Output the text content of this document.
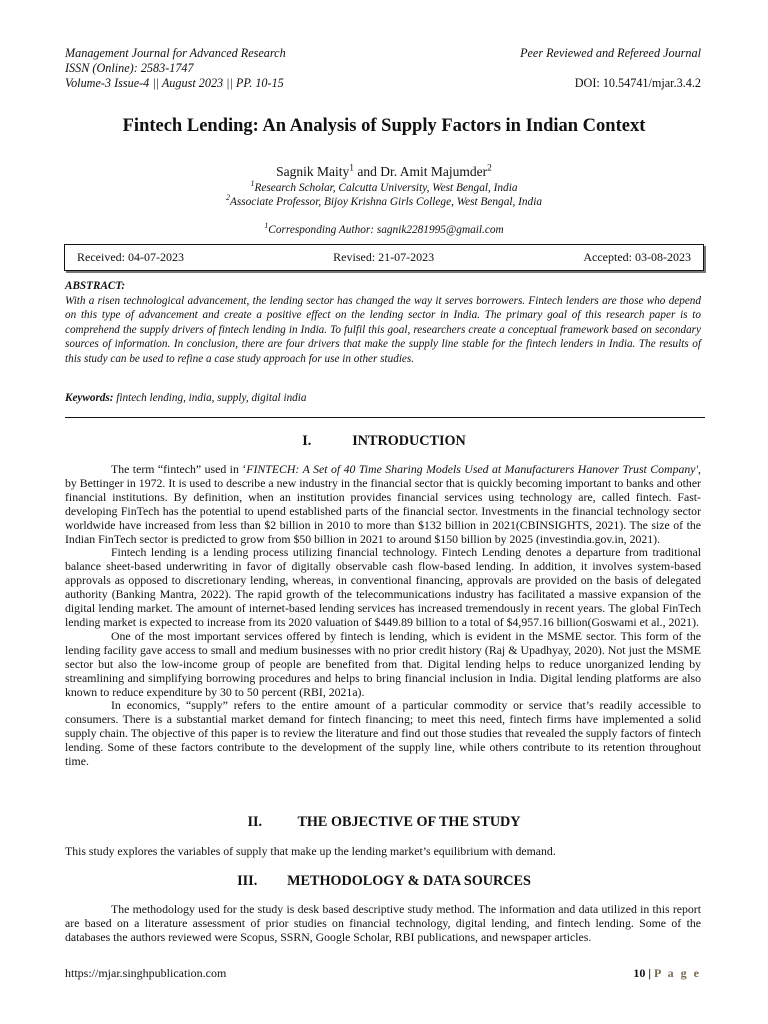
Management Journal for Advanced Research	Peer Reviewed and Refereed Journal
ISSN (Online): 2583-1747
Volume-3 Issue-4 || August 2023 || PP. 10-15	DOI: 10.54741/mjar.3.4.2
Fintech Lending: An Analysis of Supply Factors in Indian Context
Sagnik Maity$^1$ and Dr. Amit Majumder$^2$
$^1$Research Scholar, Calcutta University, West Bengal, India
$^2$Associate Professor, Bijoy Krishna Girls College, West Bengal, India
$^1$Corresponding Author: sagnik2281995@gmail.com
Received: 04-07-2023	Revised: 21-07-2023	Accepted: 03-08-2023
ABSTRACT:
With a risen technological advancement, the lending sector has changed the way it serves borrowers. Fintech lenders are those who depend on this type of advancement and create a positive effect on the lending sector in India. The primary goal of this research paper is to comprehend the supply drivers of fintech lending in India. To fulfil this goal, researchers create a conceptual framework based on secondary sources of information. In conclusion, there are four drivers that make the supply line stable for the fintech lenders in India. The results of this study can be used to refine a case study approach for use in other studies.
Keywords: fintech lending, india, supply, digital india
I.	INTRODUCTION

The term “fintech” used in ‘FINTECH: A Set of 40 Time Sharing Models Used at Manufacturers Hanover Trust Company', by Bettinger in 1972. It is used to describe a new industry in the financial sector that is quickly becoming important to banks and other financial institutions. By definition, when an institution provides financial services using technology are, called fintech. Fast-developing FinTech has the potential to upend established parts of the financial sector. Investments in the financial technology sector worldwide have increased from less than $2 billion in 2010 to more than $132 billion in 2021(CBINSIGHTS, 2021). The size of the Indian FinTech sector is predicted to grow from $50 billion in 2021 to around $150 billion by 2025 (investindia.gov.in, 2021).

Fintech lending is a lending process utilizing financial technology. Fintech Lending denotes a departure from traditional balance sheet-based underwriting in favor of digitally observable cash flow-based lending. In addition, it involves system-based approvals as opposed to discretionary lending, whereas, in conventional financing, approvals are provided on the basis of delegated authority (Banking Mantra, 2022). The rapid growth of the telecommunications industry has facilitated a massive expansion of the digital lending market. The amount of internet-based lending services has increased tremendously in recent years. The global FinTech lending market is expected to increase from its 2020 valuation of $449.89 billion to a total of $4,957.16 billion(Goswami et al., 2021).

One of the most important services offered by fintech is lending, which is evident in the MSME sector. This form of the lending facility gave access to small and medium businesses with no prior credit history (Raj & Upadhyay, 2020). Not just the MSME sector but also the low-income group of people are benefited from that. Digital lending helps to reduce unorganized lending by streamlining and simplifying borrowing procedures and helps to bring financial inclusion in India. Digital lending platforms are also known to reduce expenditure by 30 to 50 percent (RBI, 2021a).

In economics, “supply” refers to the entire amount of a particular commodity or service that’s readily accessible to consumers. There is a substantial market demand for fintech financing; to meet this need, fintech firms have implemented a solid supply chain. The objective of this paper is to review the literature and find out those studies that revealed the supply factors of fintech lending. Some of these factors contribute to the development of the supply line, while others contribute to its retention throughout time.

II. THE OBJECTIVE OF THE STUDY

This study explores the variables of supply that make up the lending market’s equilibrium with demand.

III. METHODOLOGY & DATA SOURCES

The methodology used for the study is desk based descriptive study method. The information and data utilized in this report are based on a literature assessment of prior studies on financial technology, digital lending, and fintech lending. Some of the databases the authors reviewed were Scopus, SSRN, Google Scholar, RBI publications, and newspaper articles.

https://mjar.singhpublication.com	10 | P a g e
